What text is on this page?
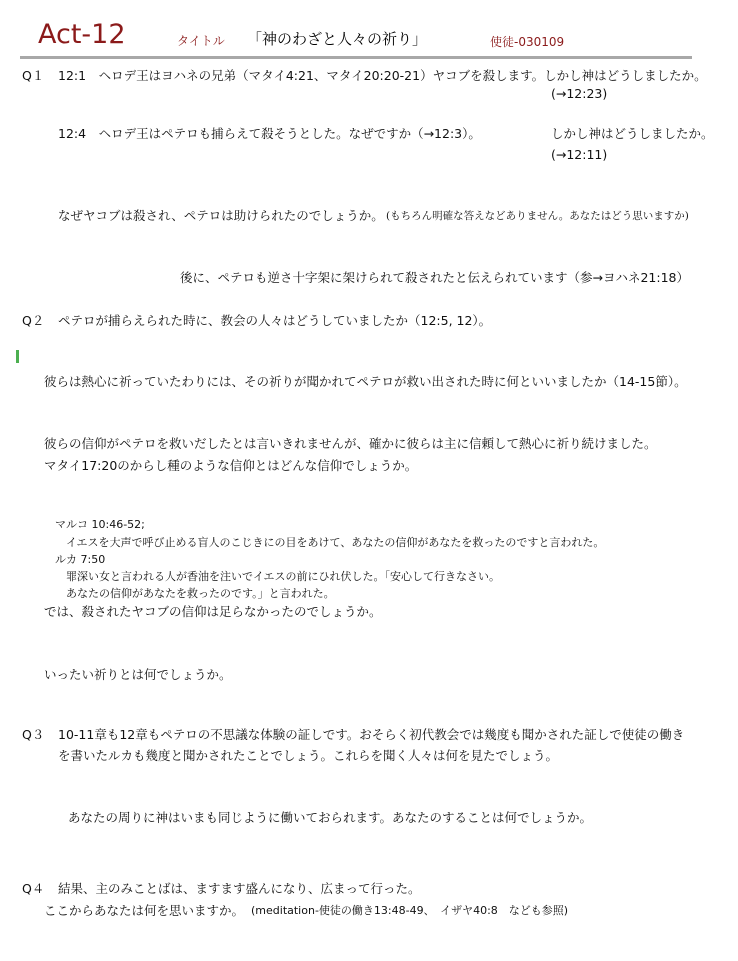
Act-12	タイトル 「神のわざと人々の祈り」	使徒-030109
Q１ 12:1　ヘロデ王はヨハネの兄弟（マタイ4:21、マタイ20:20-21）ヤコブを殺します。しかし神はどうしましたか。
(→12:23)
12:4　ヘロデ王はペテロも捕らえて殺そうとした。なぜですか（→12:3）。	しかし神はどうしましたか。
(→12:11)
なぜヤコブは殺され、ペテロは助けられたのでしょうか。 (もちろん明確な答えなどありません。あなたはどう思いますか)
後に、ペテロも逆さ十字架に架けられて殺されたと伝えられています（参→ヨハネ21:18）
Q２ ペテロが捕らえられた時に、教会の人々はどうしていましたか（12:5, 12）。
彼らは熱心に祈っていたわりには、その祈りが聞かれてペテロが救い出された時に何といいましたか（14-15節）。
彼らの信仰がペテロを救いだしたとは言いきれませんが、確かに彼らは主に信頼して熱心に祈り続けました。
マタイ17:20のからし種のような信仰とはどんな信仰でしょうか。
マルコ 10:46-52;
イエスを大声で呼び止める盲人のこじきにの目をあけて、あなたの信仰があなたを救ったのですと言われた。
ルカ 7:50
罪深い女と言われる人が香油を注いでイエスの前にひれ伏した。「安心して行きなさい。
あなたの信仰があなたを救ったのです。」と言われた。
では、殺されたヤコブの信仰は足らなかったのでしょうか。
いったい祈りとは何でしょうか。
Q３ 10-11章も12章もペテロの不思議な体験の証しです。おそらく初代教会では幾度も聞かされた証しで使徒の働き
を書いたルカも幾度と聞かされたことでしょう。これらを聞く人々は何を見たでしょう。
あなたの周りに神はいまも同じように働いておられます。あなたのすることは何でしょうか。
Q４ 結果、主のみことばは、ますます盛んになり、広まって行った。
ここからあなたは何を思いますか。 (meditation-使徒の働き13:48-49、　イザヤ40:8　なども参照)
